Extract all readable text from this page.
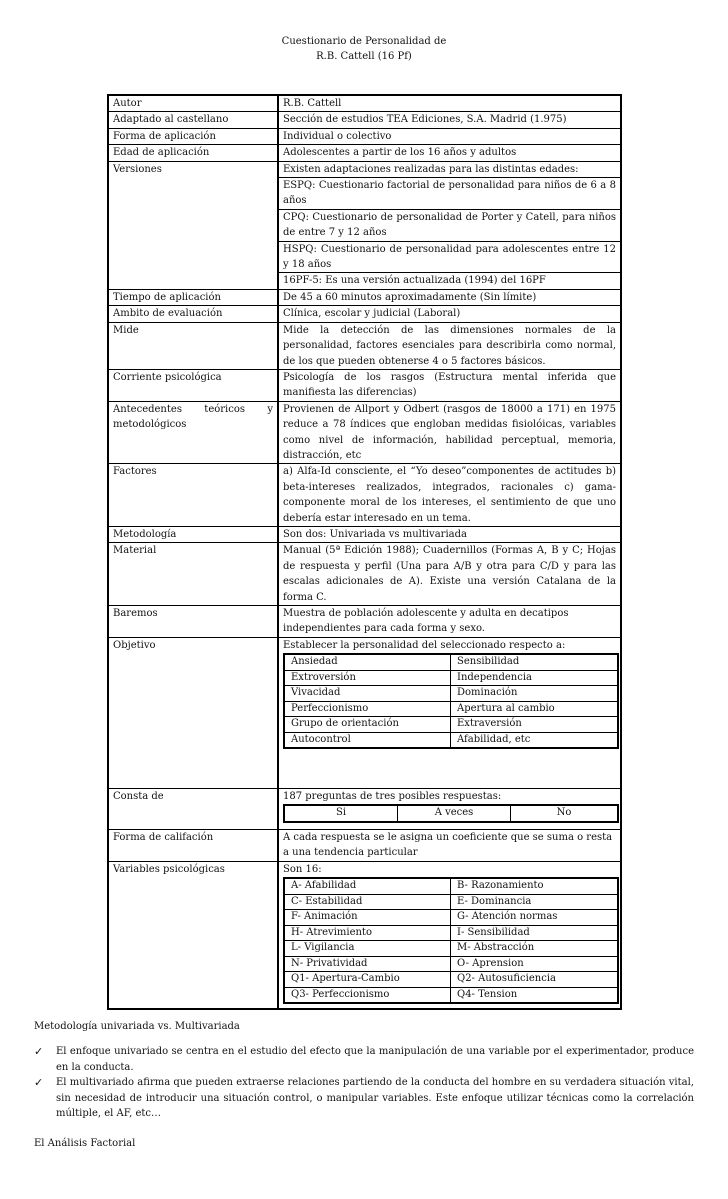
Cuestionario de Personalidad de
R.B. Cattell (16 Pf)
Autor	R.B. Cattell
Adaptado al castellano	Sección de estudios TEA Ediciones, S.A. Madrid (1.975)
Forma de aplicación	Individual o colectivo
Edad de aplicación	Adolescentes a partir de los 16 años y adultos
Versiones	Existen adaptaciones realizadas para las distintas edades:
ESPQ: Cuestionario factorial de personalidad para niños de 6 a 8 años
CPQ: Cuestionario de personalidad de Porter y Catell, para niños de entre 7 y 12 años
HSPQ: Cuestionario de personalidad para adolescentes entre 12 y 18 años
16PF-5: Es una versión actualizada (1994) del 16PF

Tiempo de aplicación	De 45 a 60 minutos aproximadamente (Sin límite)
Ambito de evaluación	Clínica, escolar y judicial (Laboral)
Mide	Mide la detección de las dimensiones normales de la personalidad, factores esenciales para describirla como normal, de los que pueden obtenerse 4 o 5 factores básicos.
Corriente psicológica	Psicología de los rasgos (Estructura mental inferida que manifiesta las diferencias)
Antecedentes teóricos y metodológicos	Provienen de Allport y Odbert (rasgos de 18000 a 171) en 1975 reduce a 78 índices que engloban medidas fisiolóicas, variables como nivel de información, habilidad perceptual, memoria, distracción, etc
Factores	a) Alfa-Id consciente, el “Yo deseo”componentes de actitudes b) beta-intereses realizados, integrados, racionales c) gama-componente moral de los intereses, el sentimiento de que uno debería estar interesado en un tema.
Metodología	Son dos: Univariada vs multivariada
Material	Manual (5ª Edición 1988); Cuadernillos (Formas A, B y C; Hojas de respuesta y perfil (Una para A/B y otra para C/D y para las escalas adicionales de A). Existe una versión Catalana de la forma C.
Baremos	Muestra de población adolescente y adulta en decatipos independientes para cada forma y sexo.
Objetivo	Establecer la personalidad del seleccionado respecto a:
Ansiedad	Sensibilidad
Extroversión	Independencia
Vivacidad	Dominación
Perfeccionismo	Apertura al cambio
Grupo de orientación	Extraversión
Autocontrol	Afabilidad, etc

Consta de	187 preguntas de tres posibles respuestas:
Si	A veces	No

Forma de califación	A cada respuesta se le asigna un coeficiente que se suma o resta a una tendencia particular
Variables psicológicas	Son 16:
A- Afabilidad	B- Razonamiento
C- Estabilidad	E- Dominancia
F- Animación	G- Atención normas
H- Atrevimiento	I- Sensibilidad
L- Vigilancia	M- Abstracción
N- Privatividad	O- Aprension
Q1- Apertura-Cambio	Q2- Autosuficiencia
Q3- Perfeccionismo	Q4- Tension
Metodología univariada vs. Multivariada
✓ El enfoque univariado se centra en el estudio del efecto que la manipulación de una variable por el experimentador, produce en la conducta.
✓ El multivariado afirma que pueden extraerse relaciones partiendo de la conducta del hombre en su verdadera situación vital, sin necesidad de introducir una situación control, o manipular variables. Este enfoque utilizar técnicas como la correlación múltiple, el AF, etc…
El Análisis Factorial
